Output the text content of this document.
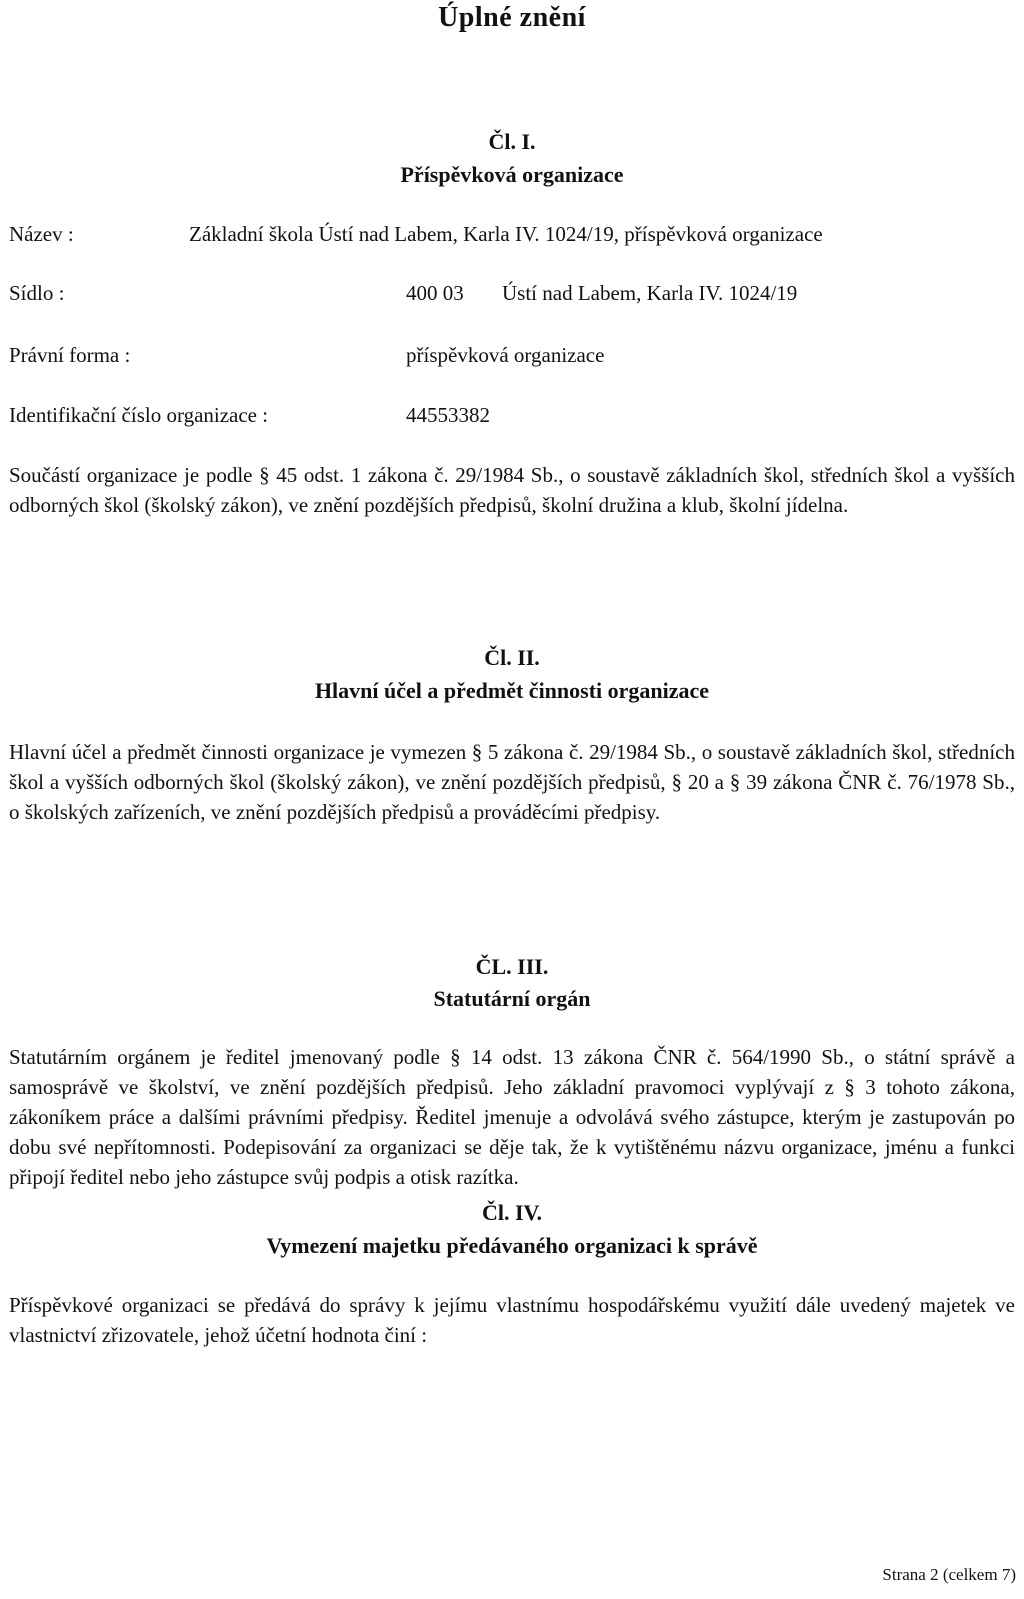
Úplné znění
Čl. I.
Příspěvková organizace
Název :	Základní škola Ústí nad Labem, Karla IV. 1024/19, příspěvková organizace
Sídlo :	400 03 Ústí nad Labem, Karla IV. 1024/19
Právní forma :	příspěvková organizace
Identifikační číslo organizace :	44553382
Součástí organizace je podle § 45 odst. 1 zákona č. 29/1984 Sb., o soustavě základních škol, středních škol a vyšších odborných škol (školský zákon), ve znění pozdějších předpisů, školní družina a klub, školní jídelna.
Čl. II.
Hlavní účel a předmět činnosti organizace
Hlavní účel a předmět činnosti organizace je vymezen § 5 zákona č. 29/1984 Sb., o soustavě základních škol, středních škol a vyšších odborných škol (školský zákon), ve znění pozdějších předpisů, § 20 a § 39 zákona ČNR č. 76/1978 Sb., o školských zařízeních, ve znění pozdějších předpisů a prováděcími předpisy.
ČL. III.
Statutární orgán
Statutárním orgánem je ředitel jmenovaný podle § 14 odst. 13 zákona ČNR č. 564/1990 Sb., o státní správě a samosprávě ve školství, ve znění pozdějších předpisů. Jeho základní pravomoci vyplývají z § 3 tohoto zákona, zákoníkem práce a dalšími právními předpisy. Ředitel jmenuje a odvolává svého zástupce, kterým je zastupován po dobu své nepřítomnosti. Podepisování za organizaci se děje tak, že k vytištěnému názvu organizace, jménu a funkci připojí ředitel nebo jeho zástupce svůj podpis a otisk razítka.
Čl. IV.
Vymezení majetku předávaného organizaci k správě
Příspěvkové organizaci se předává do správy k jejímu vlastnímu hospodářskému využití dále uvedený majetek ve vlastnictví zřizovatele, jehož účetní hodnota činí :
Strana 2 (celkem 7)
